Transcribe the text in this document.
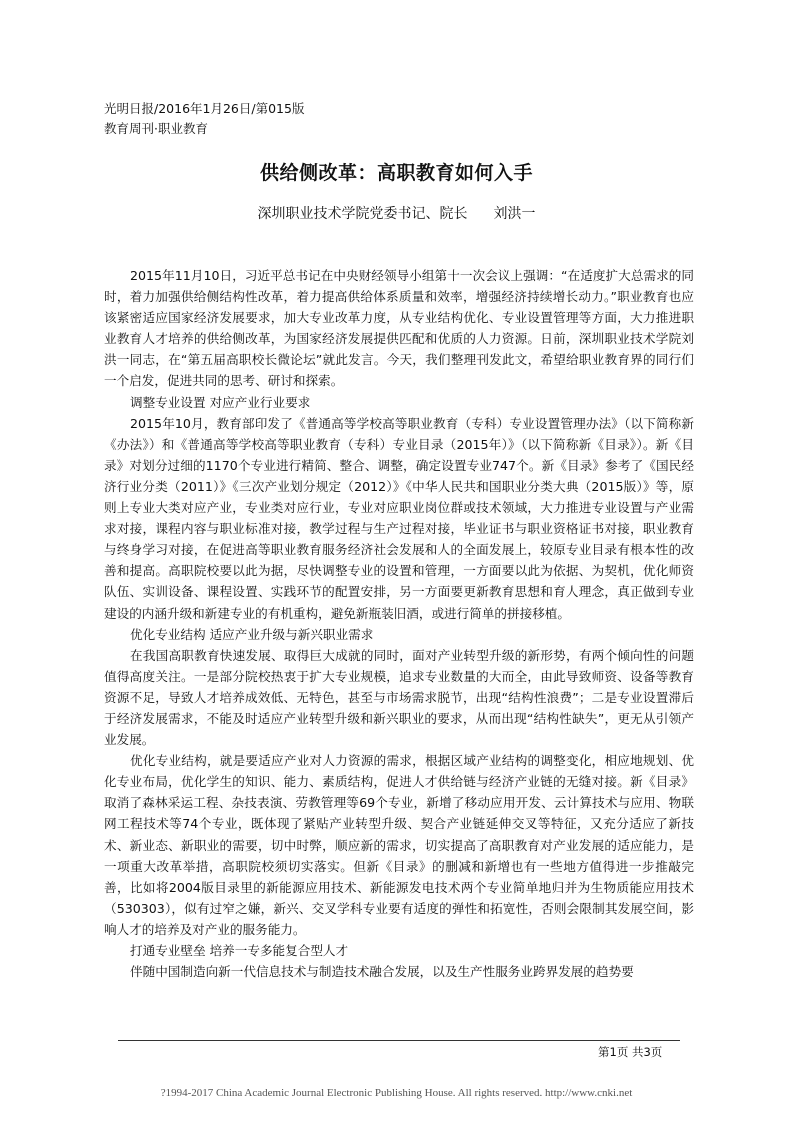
光明日报/2016年1月26日/第015版
教育周刊·职业教育
供给侧改革：高职教育如何入手
深圳职业技术学院党委书记、院长 刘洪一

2015年11月10日，习近平总书记在中央财经领导小组第十一次会议上强调：“在适度扩大总需求的同时，着力加强供给侧结构性改革，着力提高供给体系质量和效率，增强经济持续增长动力。”职业教育也应该紧密适应国家经济发展要求，加大专业改革力度，从专业结构优化、专业设置管理等方面，大力推进职业教育人才培养的供给侧改革，为国家经济发展提供匹配和优质的人力资源。日前，深圳职业技术学院刘洪一同志，在“第五届高职校长微论坛”就此发言。今天，我们整理刊发此文，希望给职业教育界的同行们一个启发，促进共同的思考、研讨和探索。

调整专业设置 对应产业行业要求

2015年10月，教育部印发了《普通高等学校高等职业教育（专科）专业设置管理办法》（以下简称新《办法》）和《普通高等学校高等职业教育（专科）专业目录（2015年）》（以下简称新《目录》）。新《目录》对划分过细的1170个专业进行精简、整合、调整，确定设置专业747个。新《目录》参考了《国民经济行业分类（2011）》《三次产业划分规定（2012）》《中华人民共和国职业分类大典（2015版）》等，原则上专业大类对应产业，专业类对应行业，专业对应职业岗位群或技术领域，大力推进专业设置与产业需求对接，课程内容与职业标准对接，教学过程与生产过程对接，毕业证书与职业资格证书对接，职业教育与终身学习对接，在促进高等职业教育服务经济社会发展和人的全面发展上，较原专业目录有根本性的改善和提高。高职院校要以此为据，尽快调整专业的设置和管理，一方面要以此为依据、为契机，优化师资队伍、实训设备、课程设置、实践环节的配置安排，另一方面要更新教育思想和育人理念，真正做到专业建设的内涵升级和新建专业的有机重构，避免新瓶装旧酒，或进行简单的拼接移植。

优化专业结构 适应产业升级与新兴职业需求

在我国高职教育快速发展、取得巨大成就的同时，面对产业转型升级的新形势，有两个倾向性的问题值得高度关注。一是部分院校热衷于扩大专业规模，追求专业数量的大而全，由此导致师资、设备等教育资源不足，导致人才培养成效低、无特色，甚至与市场需求脱节，出现“结构性浪费”；二是专业设置滞后于经济发展需求，不能及时适应产业转型升级和新兴职业的要求，从而出现“结构性缺失”，更无从引领产业发展。

优化专业结构，就是要适应产业对人力资源的需求，根据区域产业结构的调整变化，相应地规划、优化专业布局，优化学生的知识、能力、素质结构，促进人才供给链与经济产业链的无缝对接。新《目录》取消了森林采运工程、杂技表演、劳教管理等69个专业，新增了移动应用开发、云计算技术与应用、物联网工程技术等74个专业，既体现了紧贴产业转型升级、契合产业链延伸交叉等特征，又充分适应了新技术、新业态、新职业的需要，切中时弊，顺应新的需求，切实提高了高职教育对产业发展的适应能力，是一项重大改革举措，高职院校须切实落实。但新《目录》的删减和新增也有一些地方值得进一步推敲完善，比如将2004版目录里的新能源应用技术、新能源发电技术两个专业简单地归并为生物质能应用技术（530303），似有过窄之嫌，新兴、交叉学科专业要有适度的弹性和拓宽性，否则会限制其发展空间，影响人才的培养及对产业的服务能力。

打通专业壁垒 培养一专多能复合型人才

伴随中国制造向新一代信息技术与制造技术融合发展，以及生产性服务业跨界发展的趋势要

第1页 共3页
?1994-2017 China Academic Journal Electronic Publishing House. All rights reserved. http://www.cnki.net
